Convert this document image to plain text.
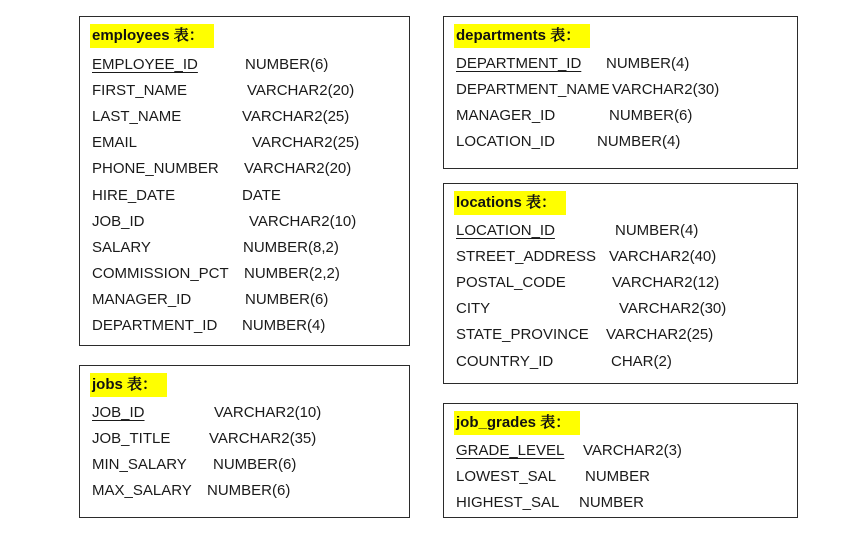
employees 表：
EMPLOYEE_ID	NUMBER(6)
FIRST_NAME	VARCHAR2(20)
LAST_NAME	VARCHAR2(25)
EMAIL	VARCHAR2(25)
PHONE_NUMBER VARCHAR2(20)
HIRE_DATE	DATE
JOB_ID	VARCHAR2(10)
SALARY	NUMBER(8,2)
COMMISSION_PCT NUMBER(2,2)
MANAGER_ID	NUMBER(6)
DEPARTMENT_ID NUMBER(4)
jobs 表：
JOB_ID	VARCHAR2(10)
JOB_TITLE	VARCHAR2(35)
MIN_SALARY NUMBER(6)
MAX_SALARY NUMBER(6)
departments 表：
DEPARTMENT_ID NUMBER(4)
DEPARTMENT_NAME VARCHAR2(30)
MANAGER_ID	NUMBER(6)
LOCATION_ID	NUMBER(4)
locations 表：
LOCATION_ID	NUMBER(4)
STREET_ADDRESS VARCHAR2(40)
POSTAL_CODE	VARCHAR2(12)
CITY	VARCHAR2(30)
STATE_PROVINCE VARCHAR2(25)
COUNTRY_ID	CHAR(2)
job_grades 表：
GRADE_LEVEL VARCHAR2(3)
LOWEST_SAL NUMBER
HIGHEST_SAL NUMBER
